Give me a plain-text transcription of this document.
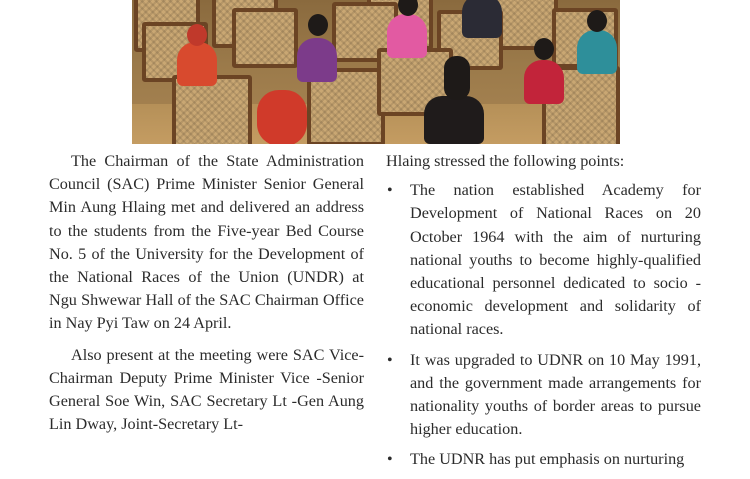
The Chairman of the State Administration Council (SAC) Prime Minister Senior General Min Aung Hlaing met and delivered an address to the students from the Five-year Bed Course No. 5 of the University for the Development of the National Races of the Union (UNDR) at Ngu Shwewar Hall of the SAC Chairman Office in Nay Pyi Taw on 24 April.

Also present at the meeting were SAC Vice-Chairman Deputy Prime Minister Vice -Senior General Soe Win, SAC Secretary Lt -Gen Aung Lin Dway, Joint-Secretary Lt-

Hlaing stressed the following points:

• The nation established Academy for Development of National Races on 20 October 1964 with the aim of nurturing national youths to become highly-qualified educational personnel dedicated to socio -economic development and solidarity of national races.
• It was upgraded to UDNR on 10 May 1991, and the government made arrangements for nationality youths of border areas to pursue higher education.
• The UDNR has put emphasis on nurturing
